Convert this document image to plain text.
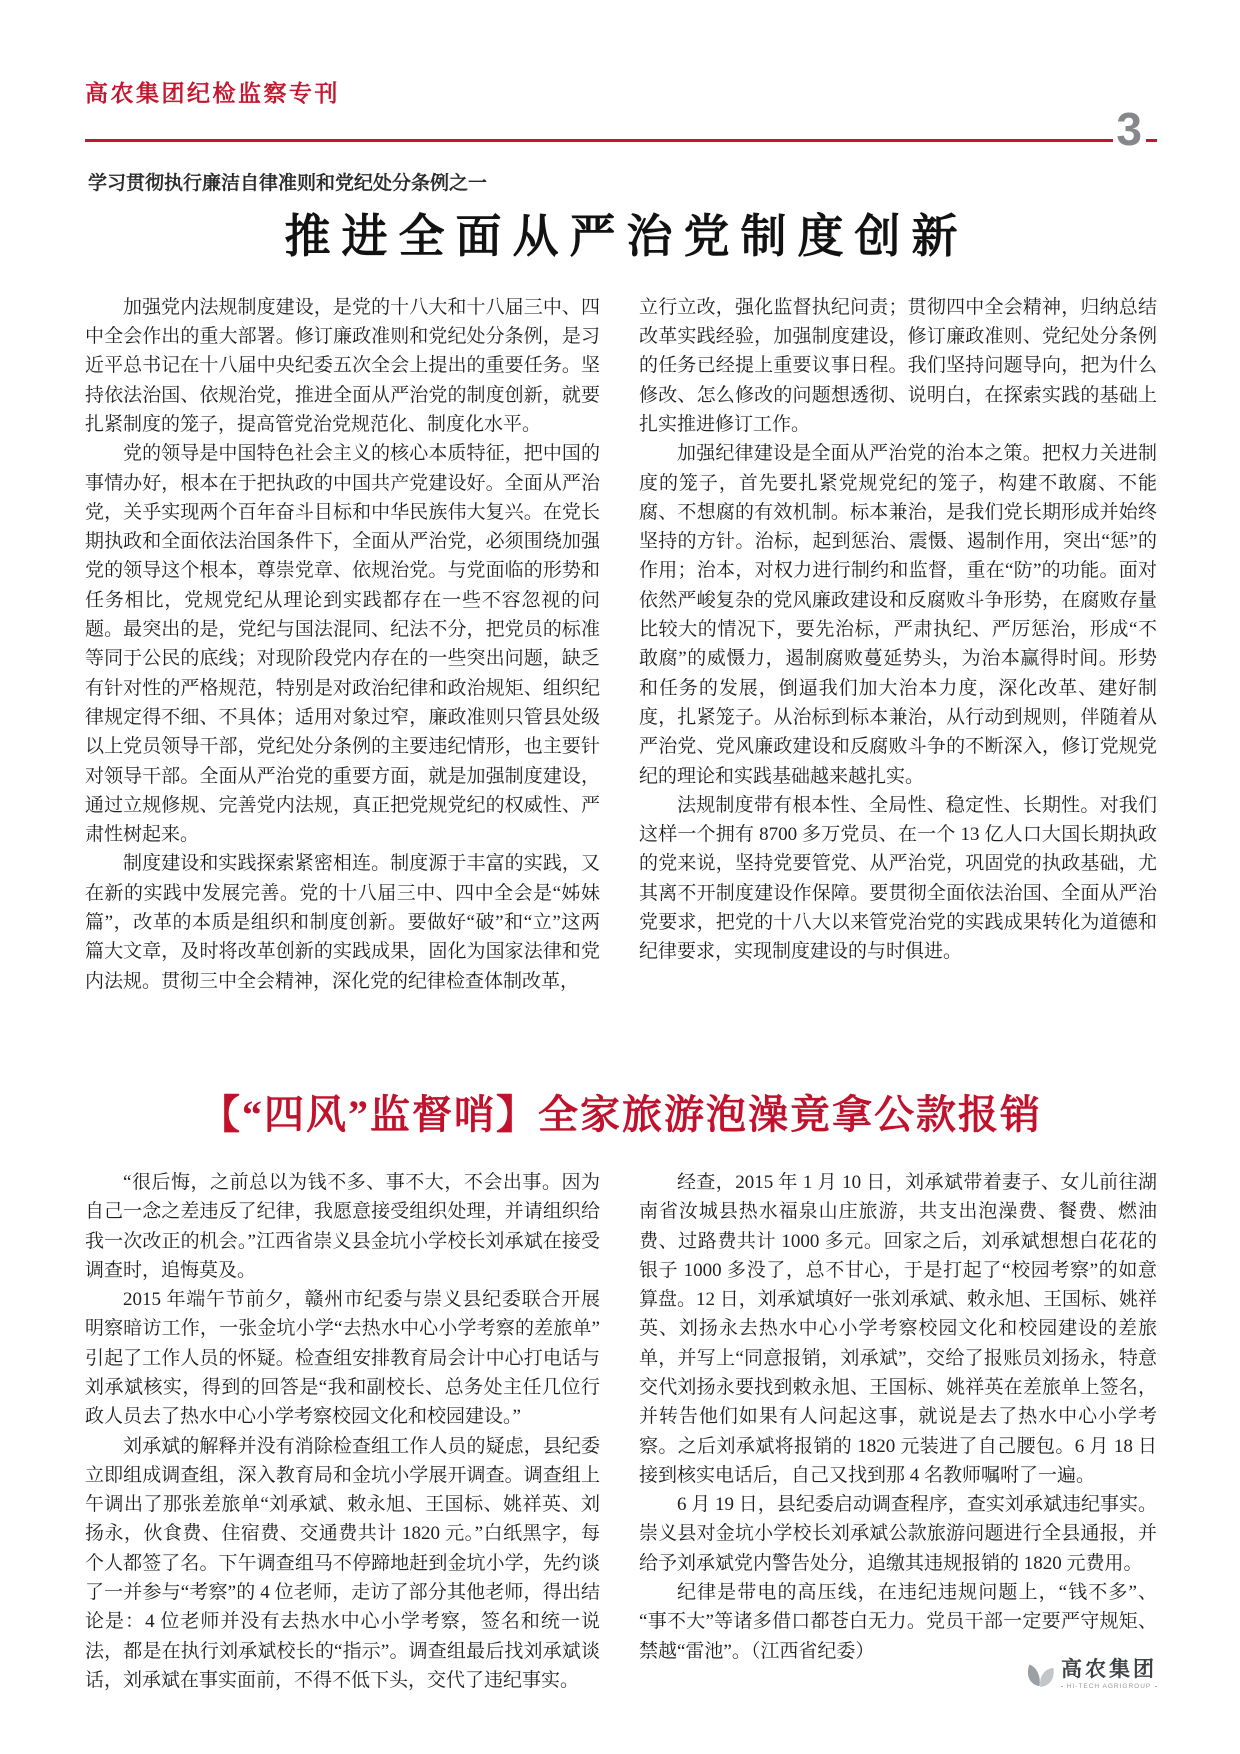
高农集团纪检监察专刊
3
学习贯彻执行廉洁自律准则和党纪处分条例之一
推进全面从严治党制度创新

加强党内法规制度建设，是党的十八大和十八届三中、四中全会作出的重大部署。修订廉政准则和党纪处分条例，是习近平总书记在十八届中央纪委五次全会上提出的重要任务。坚持依法治国、依规治党，推进全面从严治党的制度创新，就要扎紧制度的笼子，提高管党治党规范化、制度化水平。

党的领导是中国特色社会主义的核心本质特征，把中国的事情办好，根本在于把执政的中国共产党建设好。全面从严治党，关乎实现两个百年奋斗目标和中华民族伟大复兴。在党长期执政和全面依法治国条件下，全面从严治党，必须围绕加强党的领导这个根本，尊崇党章、依规治党。与党面临的形势和任务相比，党规党纪从理论到实践都存在一些不容忽视的问题。最突出的是，党纪与国法混同、纪法不分，把党员的标准等同于公民的底线；对现阶段党内存在的一些突出问题，缺乏有针对性的严格规范，特别是对政治纪律和政治规矩、组织纪律规定得不细、不具体；适用对象过窄，廉政准则只管县处级以上党员领导干部，党纪处分条例的主要违纪情形，也主要针对领导干部。全面从严治党的重要方面，就是加强制度建设，通过立规修规、完善党内法规，真正把党规党纪的权威性、严肃性树起来。

制度建设和实践探索紧密相连。制度源于丰富的实践，又在新的实践中发展完善。党的十八届三中、四中全会是“姊妹篇”，改革的本质是组织和制度创新。要做好“破”和“立”这两篇大文章，及时将改革创新的实践成果，固化为国家法律和党内法规。贯彻三中全会精神，深化党的纪律检查体制改革，

立行立改，强化监督执纪问责；贯彻四中全会精神，归纳总结改革实践经验，加强制度建设，修订廉政准则、党纪处分条例的任务已经提上重要议事日程。我们坚持问题导向，把为什么修改、怎么修改的问题想透彻、说明白，在探索实践的基础上扎实推进修订工作。

加强纪律建设是全面从严治党的治本之策。把权力关进制度的笼子，首先要扎紧党规党纪的笼子，构建不敢腐、不能腐、不想腐的有效机制。标本兼治，是我们党长期形成并始终坚持的方针。治标，起到惩治、震慑、遏制作用，突出“惩”的作用；治本，对权力进行制约和监督，重在“防”的功能。面对依然严峻复杂的党风廉政建设和反腐败斗争形势，在腐败存量比较大的情况下，要先治标，严肃执纪、严厉惩治，形成“不敢腐”的威慑力，遏制腐败蔓延势头，为治本赢得时间。形势和任务的发展，倒逼我们加大治本力度，深化改革、建好制度，扎紧笼子。从治标到标本兼治，从行动到规则，伴随着从严治党、党风廉政建设和反腐败斗争的不断深入，修订党规党纪的理论和实践基础越来越扎实。

法规制度带有根本性、全局性、稳定性、长期性。对我们这样一个拥有 8700 多万党员、在一个 13 亿人口大国长期执政的党来说，坚持党要管党、从严治党，巩固党的执政基础，尤其离不开制度建设作保障。要贯彻全面依法治国、全面从严治党要求，把党的十八大以来管党治党的实践成果转化为道德和纪律要求，实现制度建设的与时俱进。

【“四风”监督哨】全家旅游泡澡竟拿公款报销

“很后悔，之前总以为钱不多、事不大，不会出事。因为自己一念之差违反了纪律，我愿意接受组织处理，并请组织给我一次改正的机会。”江西省崇义县金坑小学校长刘承斌在接受调查时，追悔莫及。

2015 年端午节前夕，赣州市纪委与崇义县纪委联合开展明察暗访工作，一张金坑小学“去热水中心小学考察的差旅单”引起了工作人员的怀疑。检查组安排教育局会计中心打电话与刘承斌核实，得到的回答是“我和副校长、总务处主任几位行政人员去了热水中心小学考察校园文化和校园建设。”

刘承斌的解释并没有消除检查组工作人员的疑虑，县纪委立即组成调查组，深入教育局和金坑小学展开调查。调查组上午调出了那张差旅单“刘承斌、敕永旭、王国标、姚祥英、刘扬永，伙食费、住宿费、交通费共计 1820 元。”白纸黑字，每个人都签了名。下午调查组马不停蹄地赶到金坑小学，先约谈了一并参与“考察”的 4 位老师，走访了部分其他老师，得出结论是：4 位老师并没有去热水中心小学考察，签名和统一说法，都是在执行刘承斌校长的“指示”。调查组最后找刘承斌谈话，刘承斌在事实面前，不得不低下头，交代了违纪事实。

经查，2015 年 1 月 10 日，刘承斌带着妻子、女儿前往湖南省汝城县热水福泉山庄旅游，共支出泡澡费、餐费、燃油费、过路费共计 1000 多元。回家之后，刘承斌想想白花花的银子 1000 多没了，总不甘心，于是打起了“校园考察”的如意算盘。12 日，刘承斌填好一张刘承斌、敕永旭、王国标、姚祥英、刘扬永去热水中心小学考察校园文化和校园建设的差旅单，并写上“同意报销，刘承斌”，交给了报账员刘扬永，特意交代刘扬永要找到敕永旭、王国标、姚祥英在差旅单上签名，并转告他们如果有人问起这事，就说是去了热水中心小学考察。之后刘承斌将报销的 1820 元装进了自己腰包。6 月 18 日接到核实电话后，自己又找到那 4 名教师嘱咐了一遍。

6 月 19 日，县纪委启动调查程序，查实刘承斌违纪事实。崇义县对金坑小学校长刘承斌公款旅游问题进行全县通报，并给予刘承斌党内警告处分，追缴其违规报销的 1820 元费用。

纪律是带电的高压线，在违纪违规问题上，“钱不多”、“事不大”等诸多借口都苍白无力。党员干部一定要严守规矩、禁越“雷池”。（江西省纪委）

高农集团
HI-TECH AGRIGROUP
